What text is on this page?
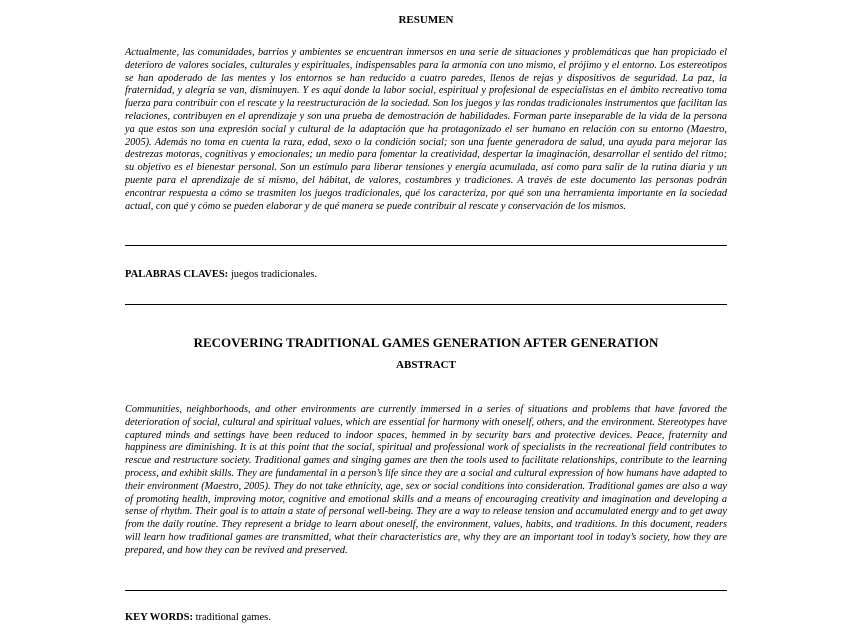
RESUMEN

Actualmente, las comunidades, barrios y ambientes se encuentran inmersos en una serie de situaciones y problemáticas que han propiciado el deterioro de valores sociales, culturales y espirituales, indispensables para la armonía con uno mismo, el prójimo y el entorno. Los estereotipos se han apoderado de las mentes y los entornos se han reducido a cuatro paredes, llenos de rejas y dispositivos de seguridad. La paz, la fraternidad, y alegría se van, disminuyen. Y es aquí donde la labor social, espiritual y profesional de especialistas en el ámbito recreativo toma fuerza para contribuir con el rescate y la reestructuración de la sociedad. Son los juegos y las rondas tradicionales instrumentos que facilitan las relaciones, contribuyen en el aprendizaje y son una prueba de demostración de habilidades. Forman parte inseparable de la vida de la persona ya que estos son una expresión social y cultural de la adaptación que ha protagonizado el ser humano en relación con su entorno (Maestro, 2005). Además no toma en cuenta la raza, edad, sexo o la condición social; son una fuente generadora de salud, una ayuda para mejorar las destrezas motoras, cognitivas y emocionales; un medio para fomentar la creatividad, despertar la imaginación, desarrollar el sentido del ritmo; su objetivo es el bienestar personal. Son un estímulo para liberar tensiones y energía acumulada, así como para salir de la rutina diaria y un puente para el aprendizaje de sí mismo, del hábitat, de valores, costumbres y tradiciones. A través de este documento las personas podrán encontrar respuesta a cómo se trasmiten los juegos tradicionales, qué los caracteriza, por qué son una herramienta importante en la sociedad actual, con qué y cómo se pueden elaborar y de qué manera se puede contribuir al rescate y conservación de los mismos.

PALABRAS CLAVES: juegos tradicionales.

RECOVERING TRADITIONAL GAMES GENERATION AFTER GENERATION
ABSTRACT

Communities, neighborhoods, and other environments are currently immersed in a series of situations and problems that have favored the deterioration of social, cultural and spiritual values, which are essential for harmony with oneself, others, and the environment. Stereotypes have captured minds and settings have been reduced to indoor spaces, hemmed in by security bars and protective devices. Peace, fraternity and happiness are diminishing. It is at this point that the social, spiritual and professional work of specialists in the recreational field contributes to rescue and restructure society. Traditional games and singing games are then the tools used to facilitate relationships, contribute to the learning process, and exhibit skills. They are fundamental in a person’s life since they are a social and cultural expression of how humans have adapted to their environment (Maestro, 2005). They do not take ethnicity, age, sex or social conditions into consideration. Traditional games are also a way of promoting health, improving motor, cognitive and emotional skills and a means of encouraging creativity and imagination and developing a sense of rhythm. Their goal is to attain a state of personal well-being. They are a way to release tension and accumulated energy and to get away from the daily routine. They represent a bridge to learn about oneself, the environment, values, habits, and traditions. In this document, readers will learn how traditional games are transmitted, what their characteristics are, why they are an important tool in today’s society, how they are prepared, and how they can be revived and preserved.

KEY WORDS: traditional games.
